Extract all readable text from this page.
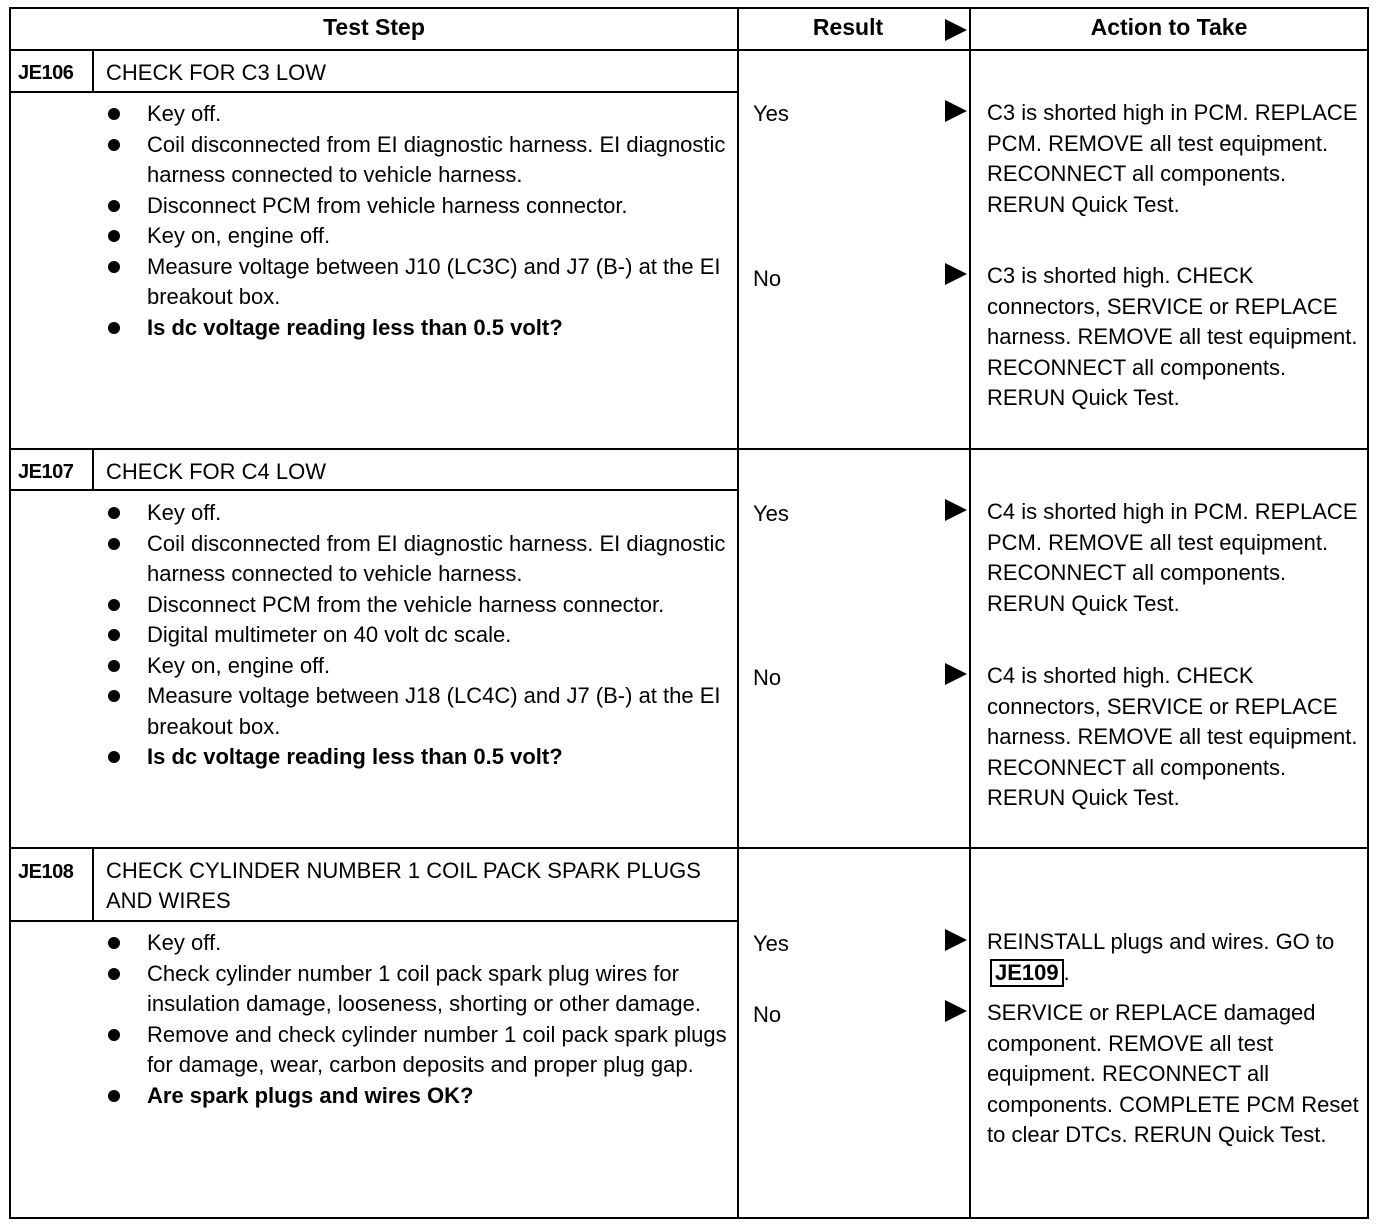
Test Step	Result	Action to Take
JE106 CHECK FOR C3 LOW
Key off.
Coil disconnected from EI diagnostic harness. EI diagnostic harness connected to vehicle harness.
Disconnect PCM from vehicle harness connector.
Key on, engine off.
Measure voltage between J10 (LC3C) and J7 (B-) at the EI breakout box.
Is dc voltage reading less than 0.5 volt?
Yes	C3 is shorted high in PCM. REPLACE PCM. REMOVE all test equipment. RECONNECT all components. RERUN Quick Test.
No	C3 is shorted high. CHECK connectors, SERVICE or REPLACE harness. REMOVE all test equipment. RECONNECT all components. RERUN Quick Test.
JE107 CHECK FOR C4 LOW
Key off.
Coil disconnected from EI diagnostic harness. EI diagnostic harness connected to vehicle harness.
Disconnect PCM from the vehicle harness connector.
Digital multimeter on 40 volt dc scale.
Key on, engine off.
Measure voltage between J18 (LC4C) and J7 (B-) at the EI breakout box.
Is dc voltage reading less than 0.5 volt?
Yes	C4 is shorted high in PCM. REPLACE PCM. REMOVE all test equipment. RECONNECT all components. RERUN Quick Test.
No	C4 is shorted high. CHECK connectors, SERVICE or REPLACE harness. REMOVE all test equipment. RECONNECT all components. RERUN Quick Test.
JE108 CHECK CYLINDER NUMBER 1 COIL PACK SPARK PLUGS AND WIRES
Key off.
Check cylinder number 1 coil pack spark plug wires for insulation damage, looseness, shorting or other damage.
Remove and check cylinder number 1 coil pack spark plugs for damage, wear, carbon deposits and proper plug gap.
Are spark plugs and wires OK?
Yes	REINSTALL plugs and wires. GO toJE109 .
No	SERVICE or REPLACE damaged component. REMOVE all test equipment. RECONNECT all components. COMPLETE PCM Reset to clear DTCs. RERUN Quick Test.
